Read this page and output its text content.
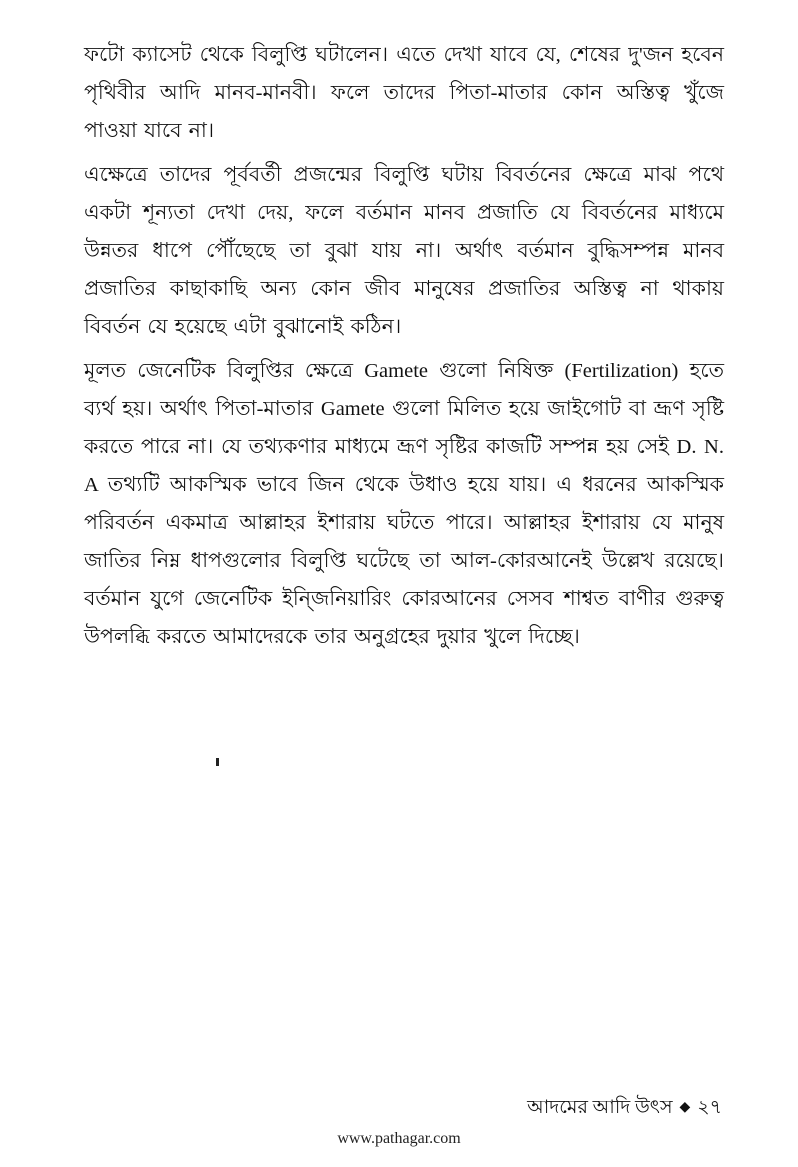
ফটো ক্যাসেট থেকে বিলুপ্তি ঘটালেন। এতে দেখা যাবে যে, শেষের দু'জন হবেন পৃথিবীর আদি মানব-মানবী। ফলে তাদের পিতা-মাতার কোন অস্তিত্ব খুঁজে পাওয়া যাবে না।

এক্ষেত্রে তাদের পূর্ববর্তী প্রজন্মের বিলুপ্তি ঘটায় বিবর্তনের ক্ষেত্রে মাঝ পথে একটা শূন্যতা দেখা দেয়, ফলে বর্তমান মানব প্রজাতি যে বিবর্তনের মাধ্যমে উন্নতর ধাপে পৌঁছেছে তা বুঝা যায় না। অর্থাৎ বর্তমান বুদ্ধিসম্পন্ন মানব প্রজাতির কাছাকাছি অন্য কোন জীব মানুষের প্রজাতির অস্তিত্ব না থাকায় বিবর্তন যে হয়েছে এটা বুঝানোই কঠিন।

মূলত জেনেটিক বিলুপ্তির ক্ষেত্রে Gamete গুলো নিষিক্ত (Fertilization) হতে ব্যর্থ হয়। অর্থাৎ পিতা-মাতার Gamete গুলো মিলিত হয়ে জাইগোট বা ভ্রূণ সৃষ্টি করতে পারে না। যে তথ্যকণার মাধ্যমে ভ্রূণ সৃষ্টির কাজটি সম্পন্ন হয় সেই D. N. A তথ্যটি আকস্মিক ভাবে জিন থেকে উধাও হয়ে যায়। এ ধরনের আকস্মিক পরিবর্তন একমাত্র আল্লাহর ইশারায় ঘটতে পারে। আল্লাহর ইশারায় যে মানুষ জাতির নিম্ন ধাপগুলোর বিলুপ্তি ঘটেছে তা আল-কোরআনেই উল্লেখ রয়েছে। বর্তমান যুগে জেনেটিক ইন্জিনিয়ারিং কোরআনের সেসব শাশ্বত বাণীর গুরুত্ব উপলব্ধি করতে আমাদেরকে তার অনুগ্রহের দুয়ার খুলে দিচ্ছে।

আদমের আদি উৎস ◆ ২৭
www.pathagar.com
